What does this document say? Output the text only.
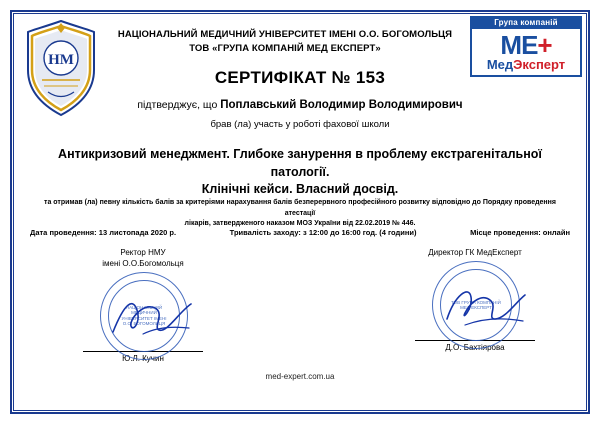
НМ
Група компаній
МЕ+
МедЭксперт
НАЦІОНАЛЬНИЙ МЕДИЧНИЙ УНІВЕРСИТЕТ ІМЕНІ О.О. БОГОМОЛЬЦЯ
ТОВ «ГРУПА КОМПАНІЙ МЕД ЕКСПЕРТ»
СЕРТИФІКАТ № 153
підтверджує, що Поплавський Володимир Володимирович
брав (ла) участь у роботі фахової школи
Антикризовий менеджмент. Глибоке занурення в проблему екстрагенітальної патології.
Клінічні кейси. Власний досвід.
та отримав (ла) певну кількість балів за критеріями нарахування балів безперервного професійного розвитку відповідно до Порядку проведення атестації
лікарів, затвердженого наказом МОЗ України від 22.02.2019 № 446.
Дата проведення: 13 листопада 2020 р.	Тривалість заходу: з 12:00 до 16:00 год. (4 години)	Місце проведення: онлайн
Ректор НМУ
імені О.О.Богомольця
НАЦІОНАЛЬНИЙ МЕДИЧНИЙ УНІВЕРСИТЕТ ІМЕНІ О.О. БОГОМОЛЬЦЯ
Ю.Л. Кучин
Директор ГК МедЕксперт
ТОВ ГРУПА КОМПАНІЙ МЕД ЕКСПЕРТ
Д.О. Бахтіярова
med-expert.com.ua
